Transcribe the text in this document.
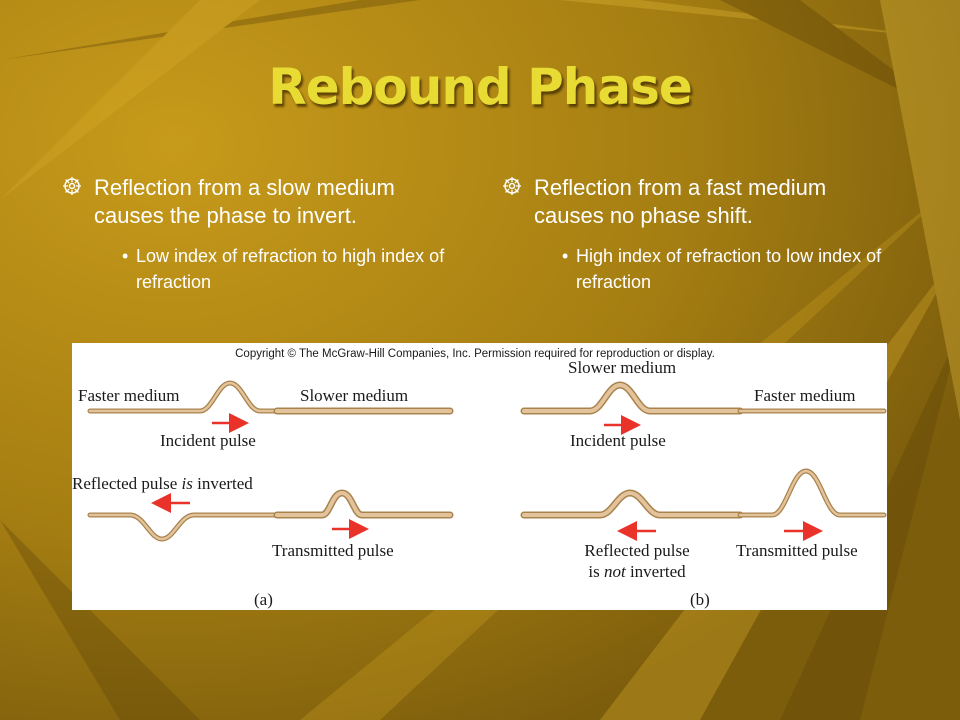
Rebound Phase
Reflection from a slow medium causes the phase to invert.
• Low index of refraction to high index of refraction
Reflection from a fast medium causes no phase shift.
• High index of refraction to low index of refraction
Copyright © The McGraw-Hill Companies, Inc. Permission required for reproduction or display.
Faster medium	Slower medium
Incident pulse
Reflected pulse is inverted
Transmitted pulse
(a)
Slower medium
Faster medium
Incident pulse
Reflected pulse
is not inverted
Transmitted pulse
(b)
